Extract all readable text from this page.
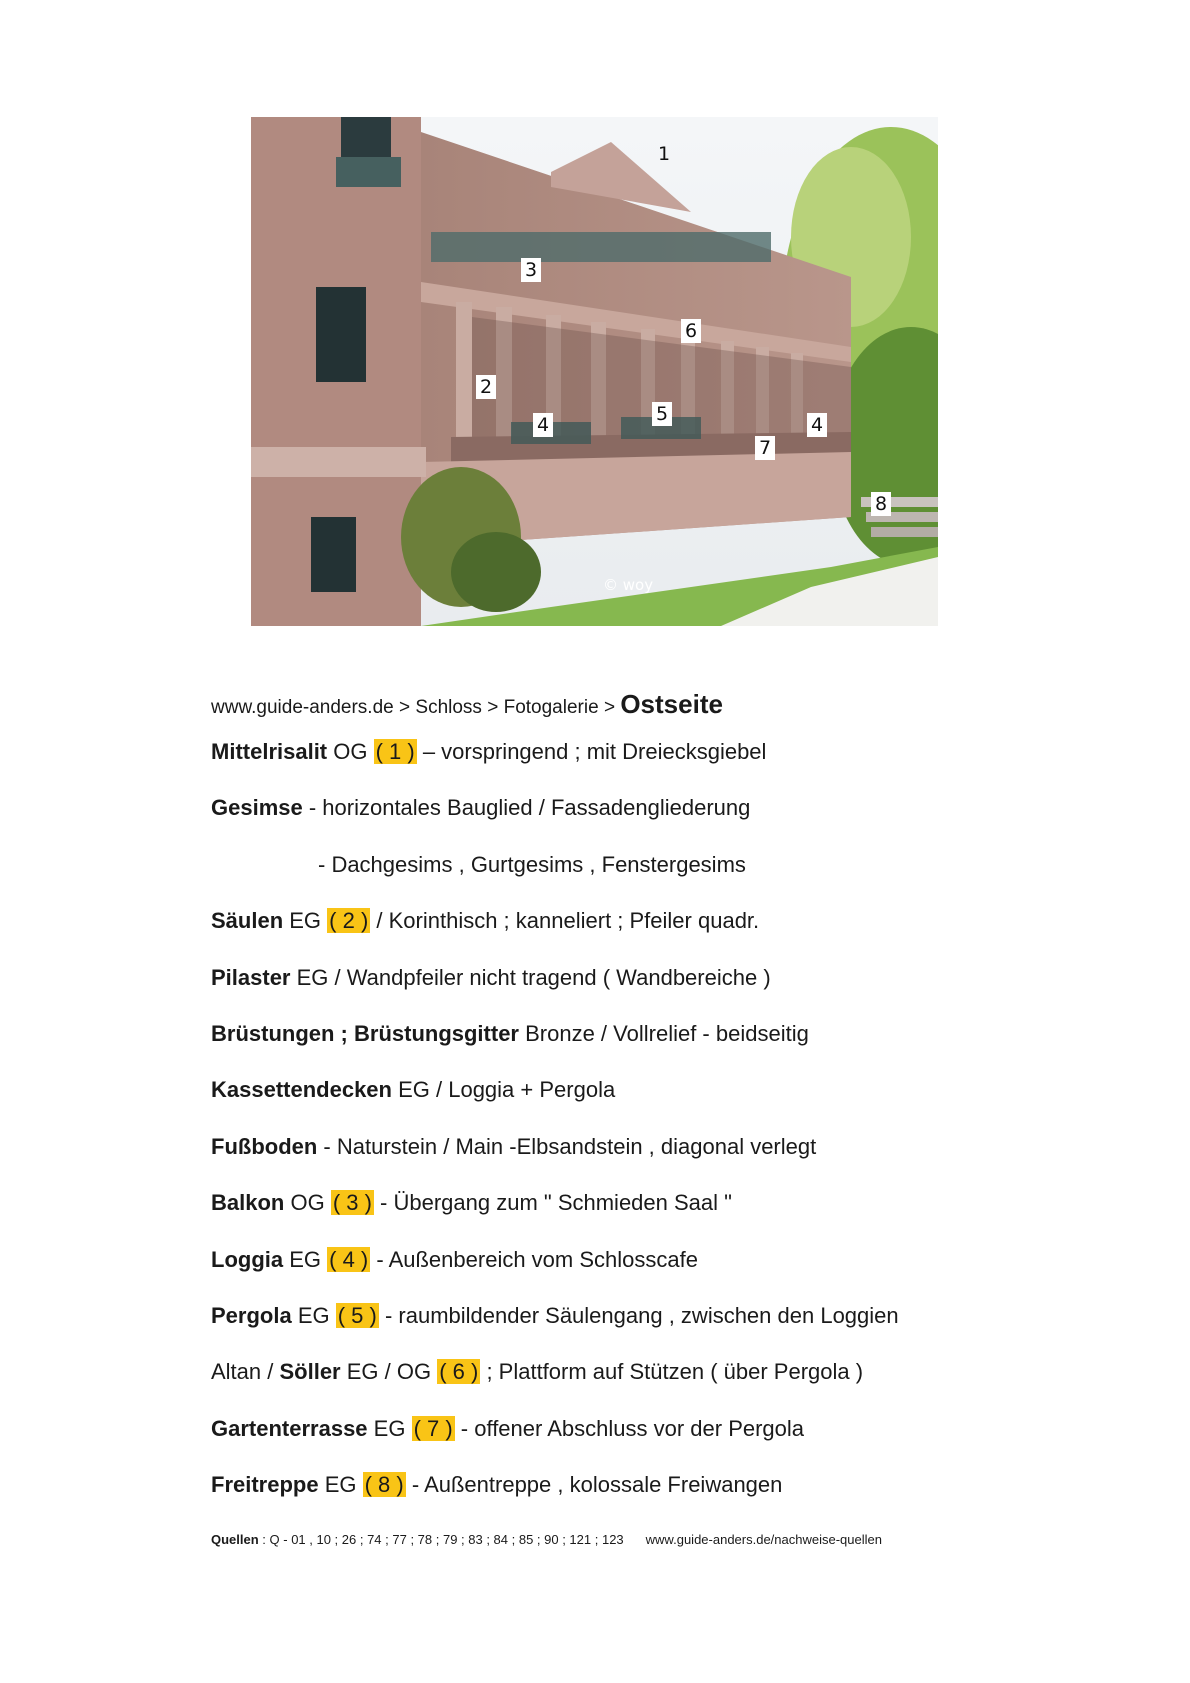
1
3
6
2
4	5
7
4
8
© woy
www.guide-anders.de > Schloss > Fotogalerie > Ostseite
Mittelrisalit OG ( 1 ) – vorspringend ; mit Dreiecksgiebel
Gesimse - horizontales Bauglied / Fassadengliederung
- Dachgesims , Gurtgesims , Fenstergesims
Säulen EG ( 2 ) / Korinthisch ; kanneliert ; Pfeiler quadr.
Pilaster EG / Wandpfeiler nicht tragend ( Wandbereiche )
Brüstungen ; Brüstungsgitter Bronze / Vollrelief - beidseitig
Kassettendecken EG / Loggia + Pergola
Fußboden - Naturstein / Main -Elbsandstein , diagonal verlegt
Balkon OG ( 3 ) - Übergang zum " Schmieden Saal "
Loggia EG ( 4 ) - Außenbereich vom Schlosscafe
Pergola EG ( 5 ) - raumbildender Säulengang , zwischen den Loggien
Altan / Söller EG / OG ( 6 ) ; Plattform auf Stützen ( über Pergola )
Gartenterrasse EG ( 7 ) - offener Abschluss vor der Pergola
Freitreppe EG ( 8 ) - Außentreppe , kolossale Freiwangen
Quellen : Q - 01 , 10 ; 26 ; 74 ; 77 ; 78 ; 79 ; 83 ; 84 ; 85 ; 90 ; 121 ; 123 www.guide-anders.de/nachweise-quellen
